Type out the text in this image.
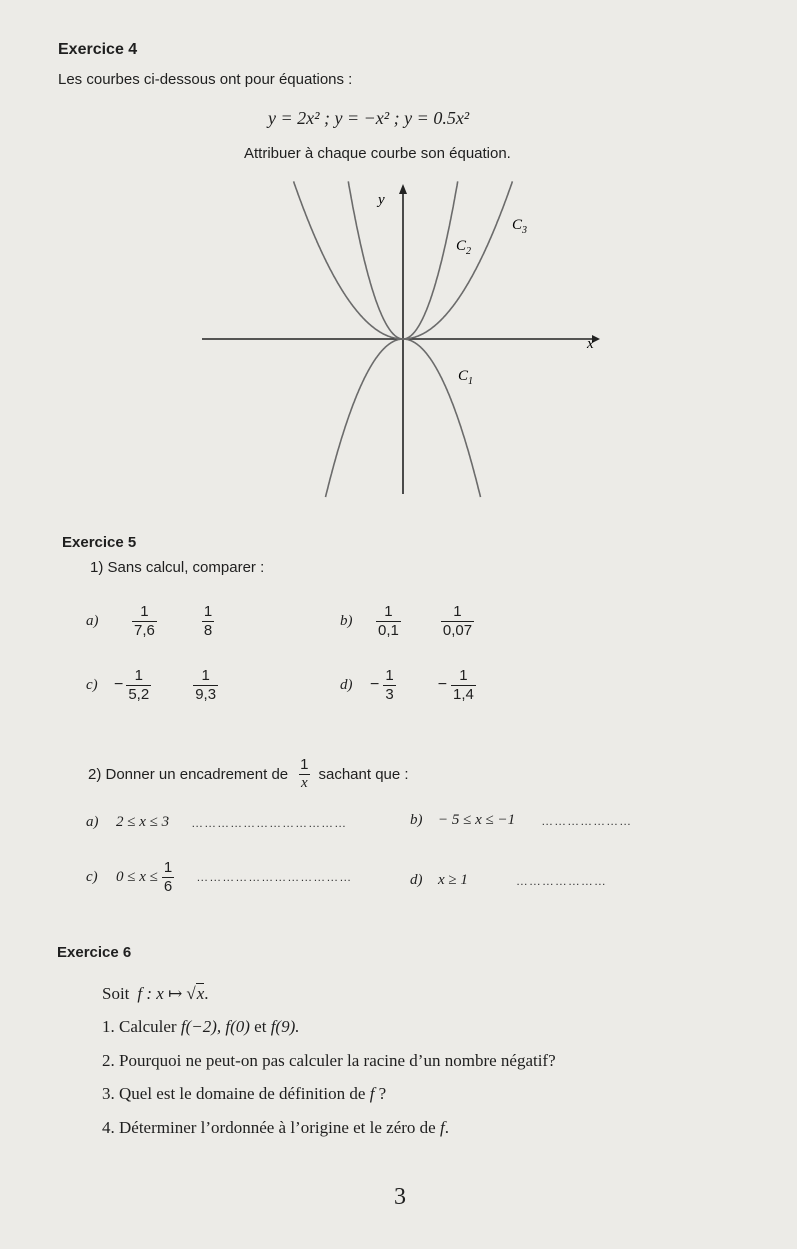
Exercice 4
Les courbes ci-dessous ont pour équations :
y = 2x² ; y = −x² ; y = 0.5x²
Attribuer à chaque courbe son équation.
y
x
$C_3$
$C_2$
$C_1$
Exercice 5
1) Sans calcul, comparer :
a)	$\frac{1}{7,6}$	$\frac{1}{8}$	b)	$\frac{1}{0,1}$	$\frac{1}{0,07}$
c)	− $\frac{1}{5,2}$	$\frac{1}{9,3}$	d)	− $\frac{1}{3}$	− $\frac{1}{1,4}$
2) Donner un encadrement de $\frac{1}{x}$ sachant que :
a)	2 ≤ x ≤ 3 ………………………………	b)	− 5 ≤ x ≤ −1 …………………
c)	$0 \le x \le \frac{1}{6}$ ………………………………	d)	x ≥ 1	…………………
Exercice 6
Soit f : x ↦ √ x .
1. Calculer f(−2), f(0) et f(9).
2. Pourquoi ne peut-on pas calculer la racine d’un nombre négatif?
3. Quel est le domaine de définition de f ?
4. Déterminer l’ordonnée à l’origine et le zéro de f.
3
